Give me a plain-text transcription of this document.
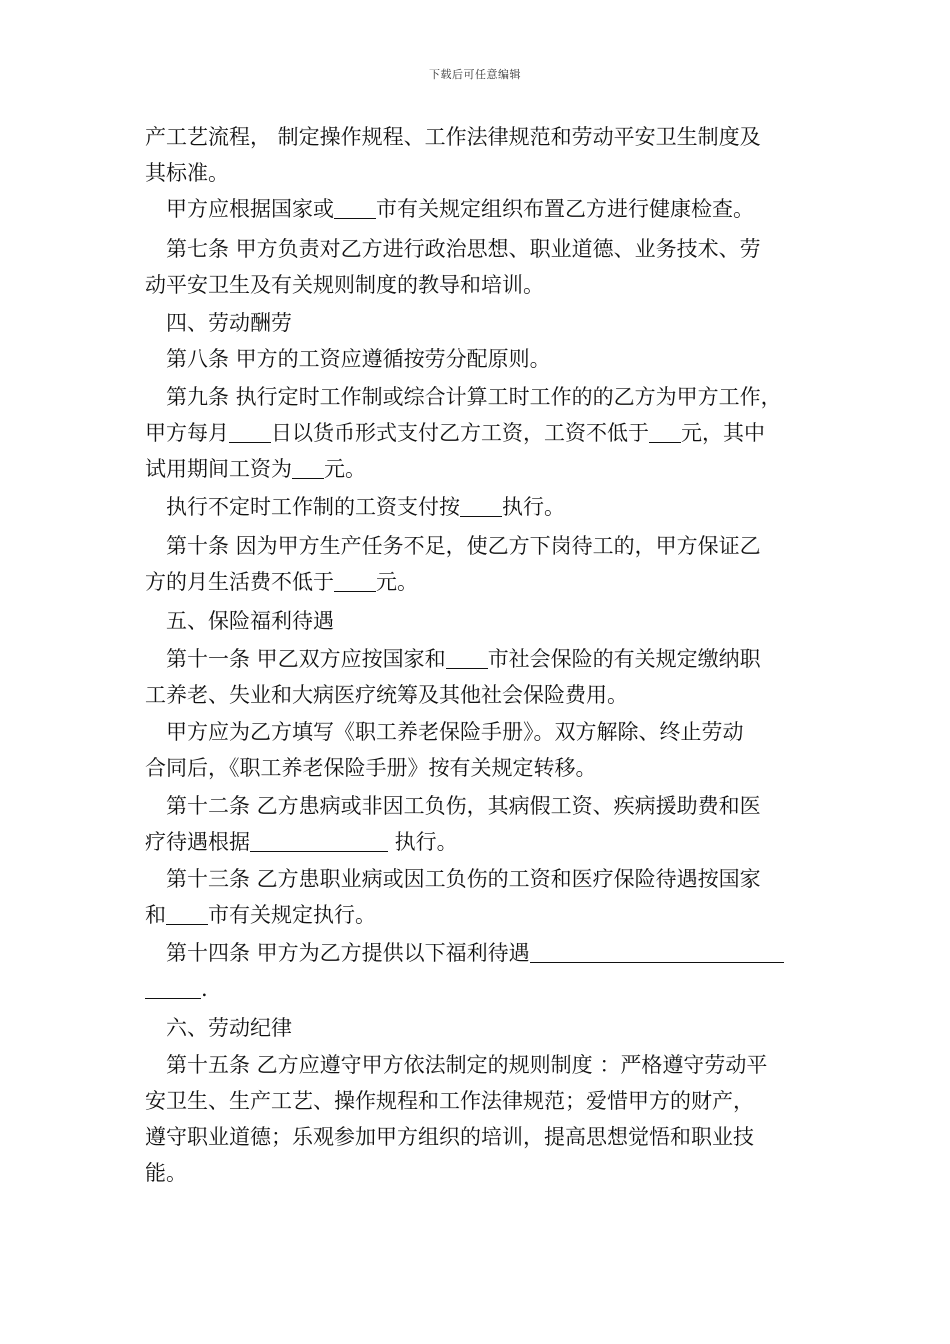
下载后可任意编辑
产工艺流程， 制定操作规程、工作法律规范和劳动平安卫生制度及
其标准。
甲方应根据国家或 市有关规定组织布置乙方进行健康检查。
第七条 甲方负责对乙方进行政治思想、职业道德、业务技术、劳
动平安卫生及有关规则制度的教导和培训。
四、劳动酬劳
第八条 甲方的工资应遵循按劳分配原则。
第九条 执行定时工作制或综合计算工时工作的的乙方为甲方工作，
甲方每月 日以货币形式支付乙方工资，工资不低于 元，其中
试用期间工资为 元。
执行不定时工作制的工资支付按 执行。
第十条 因为甲方生产任务不足，使乙方下岗待工的，甲方保证乙
方的月生活费不低于 元。
五、保险福利待遇
第十一条 甲乙双方应按国家和 市社会保险的有关规定缴纳职
工养老、失业和大病医疗统筹及其他社会保险费用。
甲方应为乙方填写《职工养老保险手册》。双方解除、终止劳动
合同后，《职工养老保险手册》按有关规定转移。
第十二条 乙方患病或非因工负伤，其病假工资、疾病援助费和医
疗待遇根据	执行。
第十三条 乙方患职业病或因工负伤的工资和医疗保险待遇按国家
和 市有关规定执行。
第十四条 甲方为乙方提供以下福利待遇
.
六、劳动纪律
第十五条 乙方应遵守甲方依法制定的规则制度 ：严格遵守劳动平
安卫生、生产工艺、操作规程和工作法律规范；爱惜甲方的财产，
遵守职业道德；乐观参加甲方组织的培训，提高思想觉悟和职业技
能。
